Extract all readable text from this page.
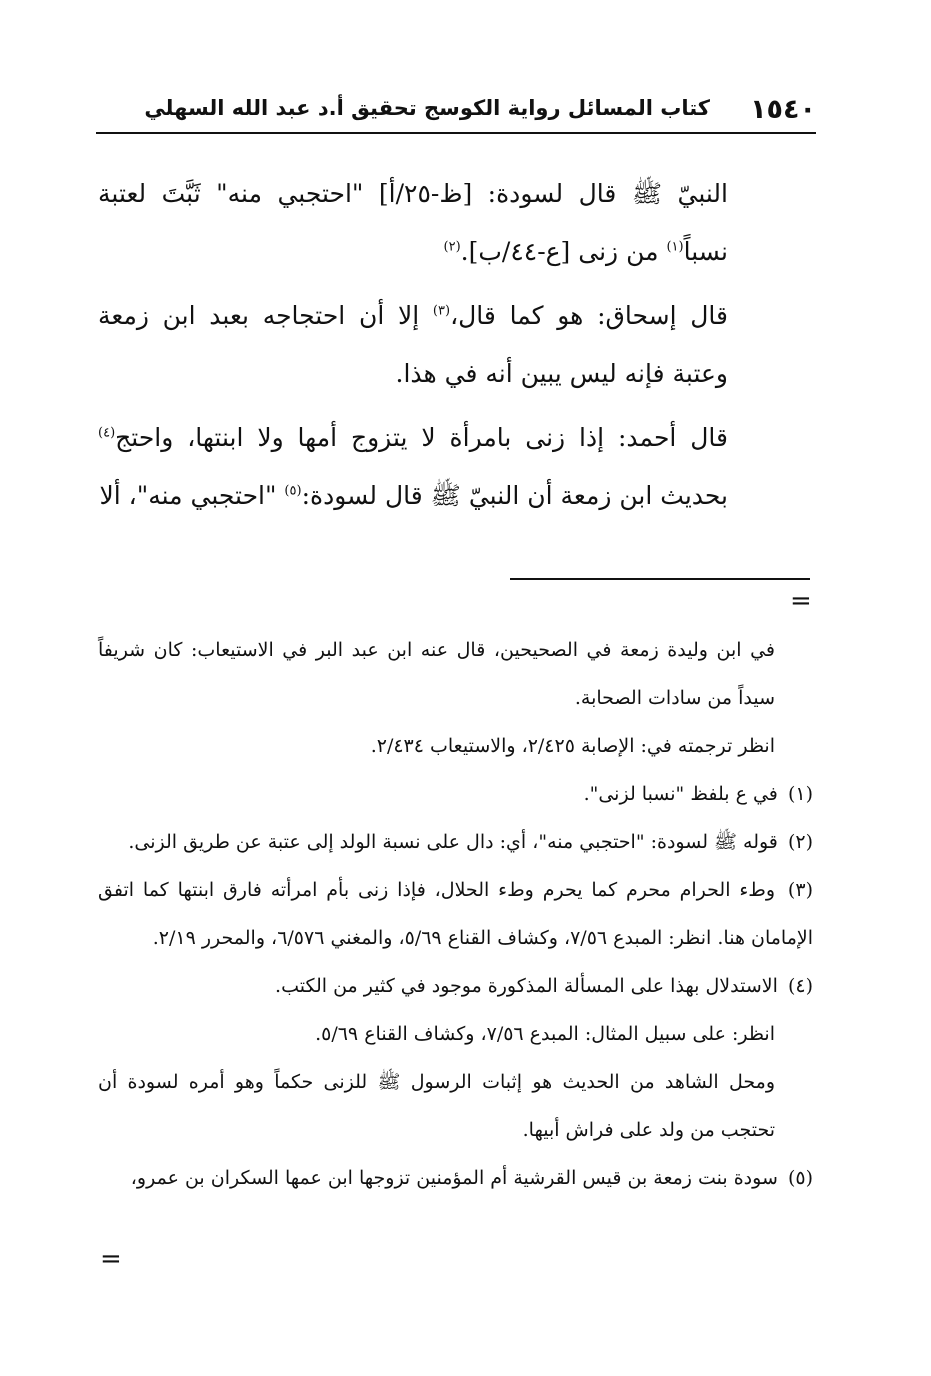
١٥٤٠
كتاب المسائل رواية الكوسج تحقيق أ.د عبد الله السهلي

النبيّ ﷺ قال لسودة: [ظ-٢٥/أ] "احتجبي منه" ثَبَّتَ لعتبة نسباً$^{(١)}$ من زنى [ع-٤٤/ب].$^{(٢)}$

قال إسحاق: هو كما قال،$^{(٣)}$ إلا أن احتجاجه بعبد ابن زمعة وعتبة فإنه ليس يبين أنه في هذا.

قال أحمد: إذا زنى بامرأة لا يتزوج أمها ولا ابنتها، واحتج$^{(٤)}$ بحديث ابن زمعة أن النبيّ ﷺ قال لسودة:$^{(٥)}$ "احتجبي منه"، ألا

=

في ابن وليدة زمعة في الصحيحين، قال عنه ابن عبد البر في الاستيعاب: كان شريفاً سيداً من سادات الصحابة.

انظر ترجمته في: الإصابة ٢/٤٢٥، والاستيعاب ٢/٤٣٤.

(١) في ع بلفظ "نسبا لزنى".

(٢) قوله ﷺ لسودة: "احتجبي منه"، أي: دال على نسبة الولد إلى عتبة عن طريق الزنى.

(٣) وطء الحرام محرم كما يحرم وطء الحلال، فإذا زنى بأم امرأته فارق ابنتها كما اتفق الإمامان هنا. انظر: المبدع ٧/٥٦، وكشاف القناع ٥/٦٩، والمغني ٦/٥٧٦، والمحرر ٢/١٩.

(٤) الاستدلال بهذا على المسألة المذكورة موجود في كثير من الكتب.

انظر: على سبيل المثال: المبدع ٧/٥٦، وكشاف القناع ٥/٦٩.

ومحل الشاهد من الحديث هو إثبات الرسول ﷺ للزنى حكماً وهو أمره لسودة أن تحتجب من ولد على فراش أبيها.

(٥) سودة بنت زمعة بن قيس القرشية أم المؤمنين تزوجها ابن عمها السكران بن عمرو،

=
